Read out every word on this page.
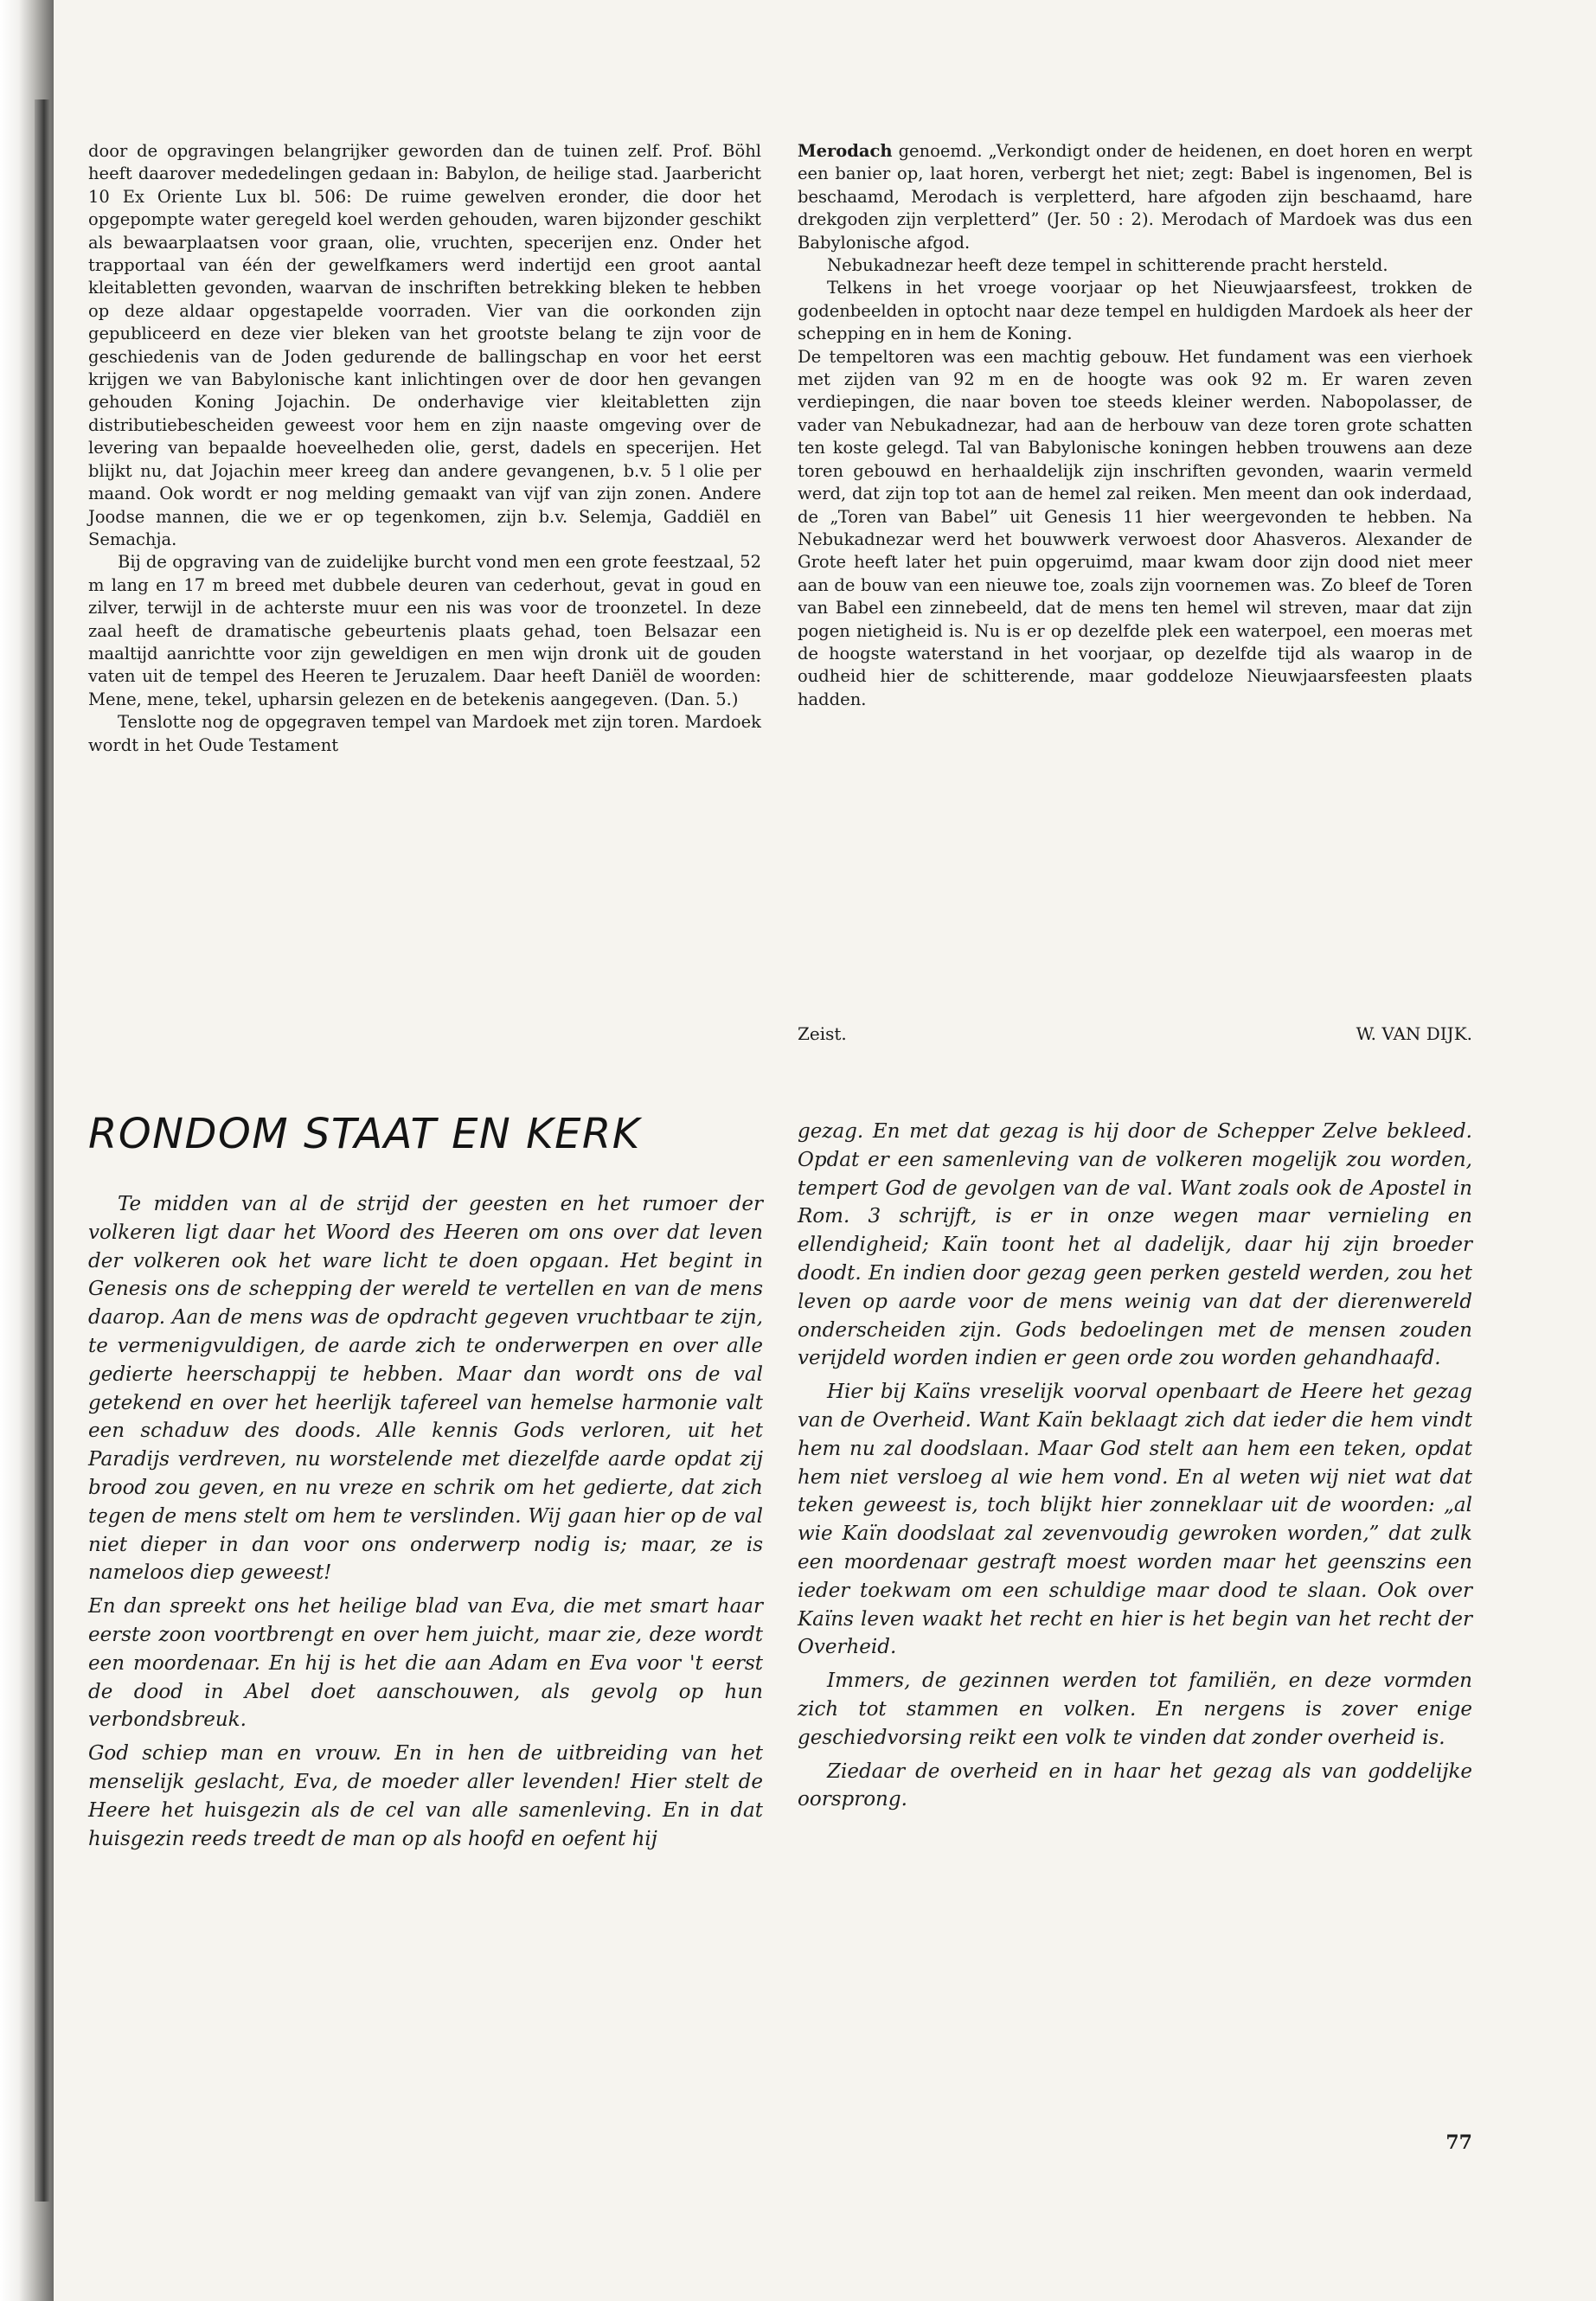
door de opgravingen belangrijker geworden dan de tuinen zelf. Prof. Böhl heeft daarover mededelingen gedaan in: Babylon, de heilige stad. Jaarbericht 10 Ex Oriente Lux bl. 506: De ruime gewelven eronder, die door het opgepompte water geregeld koel werden gehouden, waren bijzonder geschikt als bewaarplaatsen voor graan, olie, vruchten, specerijen enz. Onder het trapportaal van één der gewelfkamers werd indertijd een groot aantal kleitabletten gevonden, waarvan de inschriften betrekking bleken te hebben op deze aldaar opgestapelde voorraden. Vier van die oorkonden zijn gepubliceerd en deze vier bleken van het grootste belang te zijn voor de geschiedenis van de Joden gedurende de ballingschap en voor het eerst krijgen we van Babylonische kant inlichtingen over de door hen gevangen gehouden Koning Jojachin. De onderhavige vier kleitabletten zijn distributiebescheiden geweest voor hem en zijn naaste omgeving over de levering van bepaalde hoeveelheden olie, gerst, dadels en specerijen. Het blijkt nu, dat Jojachin meer kreeg dan andere gevangenen, b.v. 5 l olie per maand. Ook wordt er nog melding gemaakt van vijf van zijn zonen. Andere Joodse mannen, die we er op tegenkomen, zijn b.v. Selemja, Gaddiël en Semachja.

Bij de opgraving van de zuidelijke burcht vond men een grote feestzaal, 52 m lang en 17 m breed met dubbele deuren van cederhout, gevat in goud en zilver, terwijl in de achterste muur een nis was voor de troonzetel. In deze zaal heeft de dramatische gebeurtenis plaats gehad, toen Belsazar een maaltijd aanrichtte voor zijn geweldigen en men wijn dronk uit de gouden vaten uit de tempel des Heeren te Jeruzalem. Daar heeft Daniël de woorden: Mene, mene, tekel, upharsin gelezen en de betekenis aangegeven. (Dan. 5.)

Tenslotte nog de opgegraven tempel van Mardoek met zijn toren. Mardoek wordt in het Oude Testament

Merodach genoemd. „Verkondigt onder de heidenen, en doet horen en werpt een banier op, laat horen, verbergt het niet; zegt: Babel is ingenomen, Bel is beschaamd, Merodach is verpletterd, hare afgoden zijn beschaamd, hare drekgoden zijn verpletterd” (Jer. 50 : 2). Merodach of Mardoek was dus een Babylonische afgod.

Nebukadnezar heeft deze tempel in schitterende pracht hersteld.

Telkens in het vroege voorjaar op het Nieuwjaarsfeest, trokken de godenbeelden in optocht naar deze tempel en huldigden Mardoek als heer der schepping en in hem de Koning.

De tempeltoren was een machtig gebouw. Het fundament was een vierhoek met zijden van 92 m en de hoogte was ook 92 m. Er waren zeven verdiepingen, die naar boven toe steeds kleiner werden. Nabopolasser, de vader van Nebukadnezar, had aan de herbouw van deze toren grote schatten ten koste gelegd. Tal van Babylonische koningen hebben trouwens aan deze toren gebouwd en herhaaldelijk zijn inschriften gevonden, waarin vermeld werd, dat zijn top tot aan de hemel zal reiken. Men meent dan ook inderdaad, de „Toren van Babel” uit Genesis 11 hier weergevonden te hebben. Na Nebukadnezar werd het bouwwerk verwoest door Ahasveros. Alexander de Grote heeft later het puin opgeruimd, maar kwam door zijn dood niet meer aan de bouw van een nieuwe toe, zoals zijn voornemen was. Zo bleef de Toren van Babel een zinnebeeld, dat de mens ten hemel wil streven, maar dat zijn pogen nietigheid is. Nu is er op dezelfde plek een waterpoel, een moeras met de hoogste waterstand in het voorjaar, op dezelfde tijd als waarop in de oudheid hier de schitterende, maar goddeloze Nieuwjaarsfeesten plaats hadden.

Zeist.	W. VAN DIJK.
RONDOM STAAT EN KERK

Te midden van al de strijd der geesten en het rumoer der volkeren ligt daar het Woord des Heeren om ons over dat leven der volkeren ook het ware licht te doen opgaan. Het begint in Genesis ons de schepping der wereld te vertellen en van de mens daarop. Aan de mens was de opdracht gegeven vruchtbaar te zijn, te vermenigvuldigen, de aarde zich te onderwerpen en over alle gedierte heerschappij te hebben. Maar dan wordt ons de val getekend en over het heerlijk tafereel van hemelse harmonie valt een schaduw des doods. Alle kennis Gods verloren, uit het Paradijs verdreven, nu worstelende met diezelfde aarde opdat zij brood zou geven, en nu vreze en schrik om het gedierte, dat zich tegen de mens stelt om hem te verslinden. Wij gaan hier op de val niet dieper in dan voor ons onderwerp nodig is; maar, ze is nameloos diep geweest!

En dan spreekt ons het heilige blad van Eva, die met smart haar eerste zoon voortbrengt en over hem juicht, maar zie, deze wordt een moordenaar. En hij is het die aan Adam en Eva voor 't eerst de dood in Abel doet aanschouwen, als gevolg op hun verbondsbreuk.

God schiep man en vrouw. En in hen de uitbreiding van het menselijk geslacht, Eva, de moeder aller levenden! Hier stelt de Heere het huisgezin als de cel van alle samenleving. En in dat huisgezin reeds treedt de man op als hoofd en oefent hij

gezag. En met dat gezag is hij door de Schepper Zelve bekleed. Opdat er een samenleving van de volkeren mogelijk zou worden, tempert God de gevolgen van de val. Want zoals ook de Apostel in Rom. 3 schrijft, is er in onze wegen maar vernieling en ellendigheid; Kaïn toont het al dadelijk, daar hij zijn broeder doodt. En indien door gezag geen perken gesteld werden, zou het leven op aarde voor de mens weinig van dat der dierenwereld onderscheiden zijn. Gods bedoelingen met de mensen zouden verijdeld worden indien er geen orde zou worden gehandhaafd.

Hier bij Kaïns vreselijk voorval openbaart de Heere het gezag van de Overheid. Want Kaïn beklaagt zich dat ieder die hem vindt hem nu zal doodslaan. Maar God stelt aan hem een teken, opdat hem niet versloeg al wie hem vond. En al weten wij niet wat dat teken geweest is, toch blijkt hier zonneklaar uit de woorden: „al wie Kaïn doodslaat zal zevenvoudig gewroken worden,” dat zulk een moordenaar gestraft moest worden maar het geenszins een ieder toekwam om een schuldige maar dood te slaan. Ook over Kaïns leven waakt het recht en hier is het begin van het recht der Overheid.

Immers, de gezinnen werden tot familiën, en deze vormden zich tot stammen en volken. En nergens is zover enige geschiedvorsing reikt een volk te vinden dat zonder overheid is.

Ziedaar de overheid en in haar het gezag als van goddelijke oorsprong.

77
